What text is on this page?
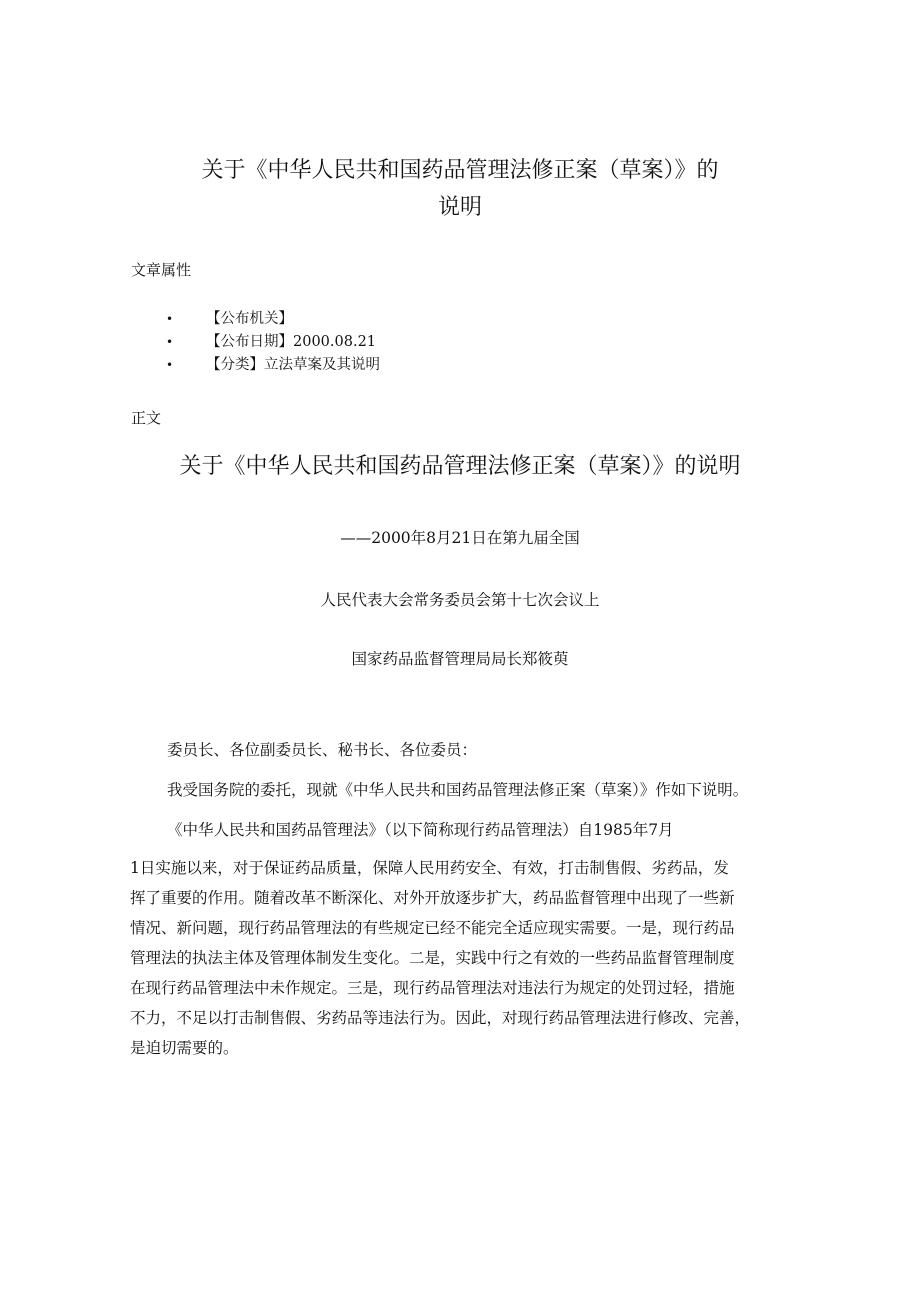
关于《中华人民共和国药品管理法修正案（草案）》的
说明
文章属性
• 【公布机关】
• 【公布日期】2000.08.21
• 【分类】立法草案及其说明
正文
关于《中华人民共和国药品管理法修正案（草案）》的说明
——2000年8月21日在第九届全国
人民代表大会常务委员会第十七次会议上
国家药品监督管理局局长郑筱萸
委员长、各位副委员长、秘书长、各位委员：
我受国务院的委托，现就《中华人民共和国药品管理法修正案（草案）》作如下说明。
《中华人民共和国药品管理法》（以下简称现行药品管理法）自1985年7月
1日实施以来，对于保证药品质量，保障人民用药安全、有效，打击制售假、劣药品，发
挥了重要的作用。随着改革不断深化、对外开放逐步扩大，药品监督管理中出现了一些新
情况、新问题，现行药品管理法的有些规定已经不能完全适应现实需要。一是，现行药品
管理法的执法主体及管理体制发生变化。二是，实践中行之有效的一些药品监督管理制度
在现行药品管理法中未作规定。三是，现行药品管理法对违法行为规定的处罚过轻，措施
不力，不足以打击制售假、劣药品等违法行为。因此，对现行药品管理法进行修改、完善，
是迫切需要的。
